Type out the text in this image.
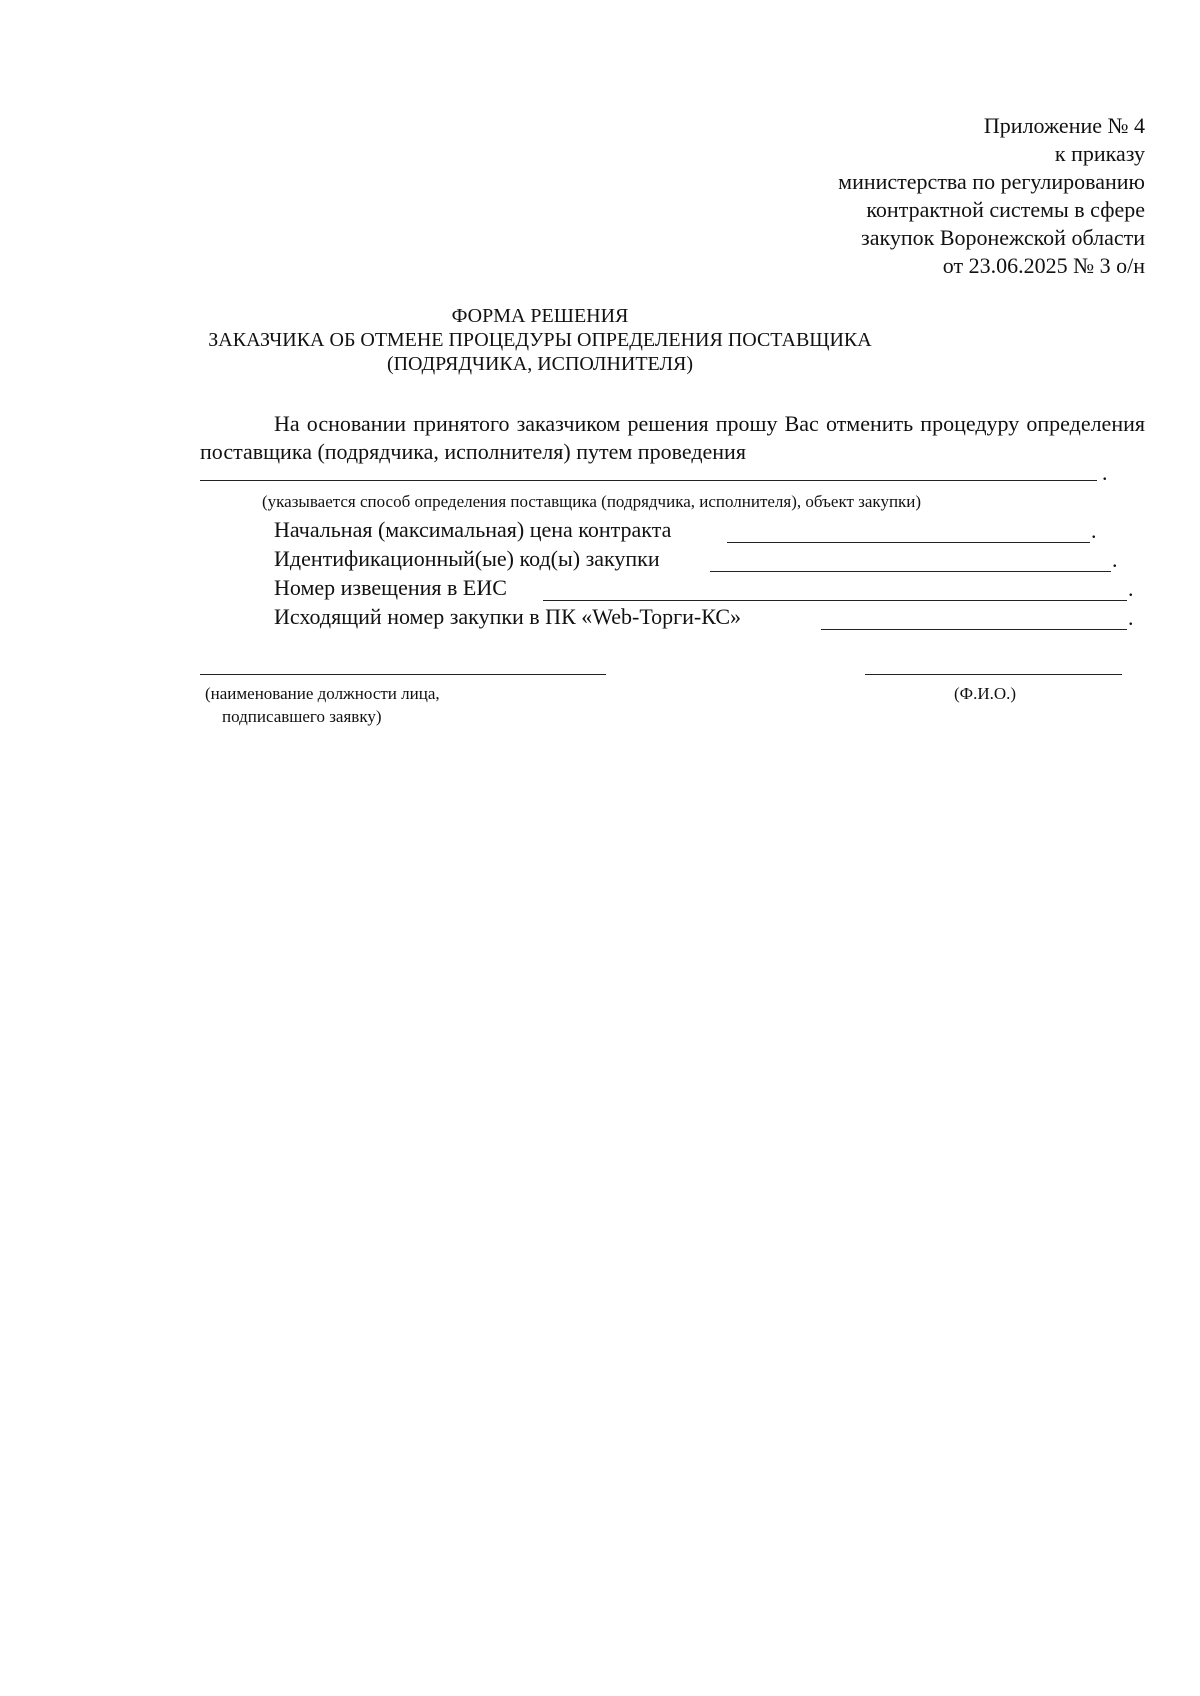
Приложение № 4
к приказу
министерства по регулированию
контрактной системы в сфере
закупок Воронежской области
от 23.06.2025 № 3 о/н
ФОРМА РЕШЕНИЯ
ЗАКАЗЧИКА ОБ ОТМЕНЕ ПРОЦЕДУРЫ ОПРЕДЕЛЕНИЯ ПОСТАВЩИКА
(ПОДРЯДЧИКА, ИСПОЛНИТЕЛЯ)
На основании принятого заказчиком решения прошу Вас отменить процедуру определения поставщика (подрядчика, исполнителя) путем проведения
.
(указывается способ определения поставщика (подрядчика, исполнителя), объект закупки)
Начальная (максимальная) цена контракта	.
Идентификационный(ые) код(ы) закупки	.
Номер извещения в ЕИС	.
Исходящий номер закупки в ПК «Web-Торги-КС»	.
(наименование должности лица,
подписавшего заявку)
(Ф.И.О.)
